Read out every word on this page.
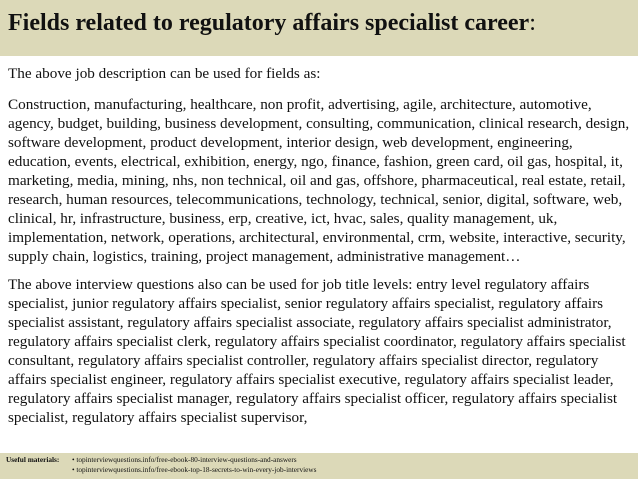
Fields related to regulatory affairs specialist career:

The above job description can be used for fields as:

Construction, manufacturing, healthcare, non profit, advertising, agile, architecture, automotive, agency, budget, building, business development, consulting, communication, clinical research, design, software development, product development, interior design, web development, engineering, education, events, electrical, exhibition, energy, ngo, finance, fashion, green card, oil gas, hospital, it, marketing, media, mining, nhs, non technical, oil and gas, offshore, pharmaceutical, real estate, retail, research, human resources, telecommunications, technology, technical, senior, digital, software, web, clinical, hr, infrastructure, business, erp, creative, ict, hvac, sales, quality management, uk, implementation, network, operations, architectural, environmental, crm, website, interactive, security, supply chain, logistics, training, project management, administrative management…

The above interview questions also can be used for job title levels: entry level regulatory affairs specialist, junior regulatory affairs specialist, senior regulatory affairs specialist, regulatory affairs specialist assistant, regulatory affairs specialist associate, regulatory affairs specialist administrator, regulatory affairs specialist clerk, regulatory affairs specialist coordinator, regulatory affairs specialist consultant, regulatory affairs specialist controller, regulatory affairs specialist director, regulatory affairs specialist engineer, regulatory affairs specialist executive, regulatory affairs specialist leader, regulatory affairs specialist manager, regulatory affairs specialist officer, regulatory affairs specialist specialist, regulatory affairs specialist supervisor,

Useful materials: • topinterviewquestions.info/free-ebook-80-interview-questions-and-answers
• topinterviewquestions.info/free-ebook-top-18-secrets-to-win-every-job-interviews
